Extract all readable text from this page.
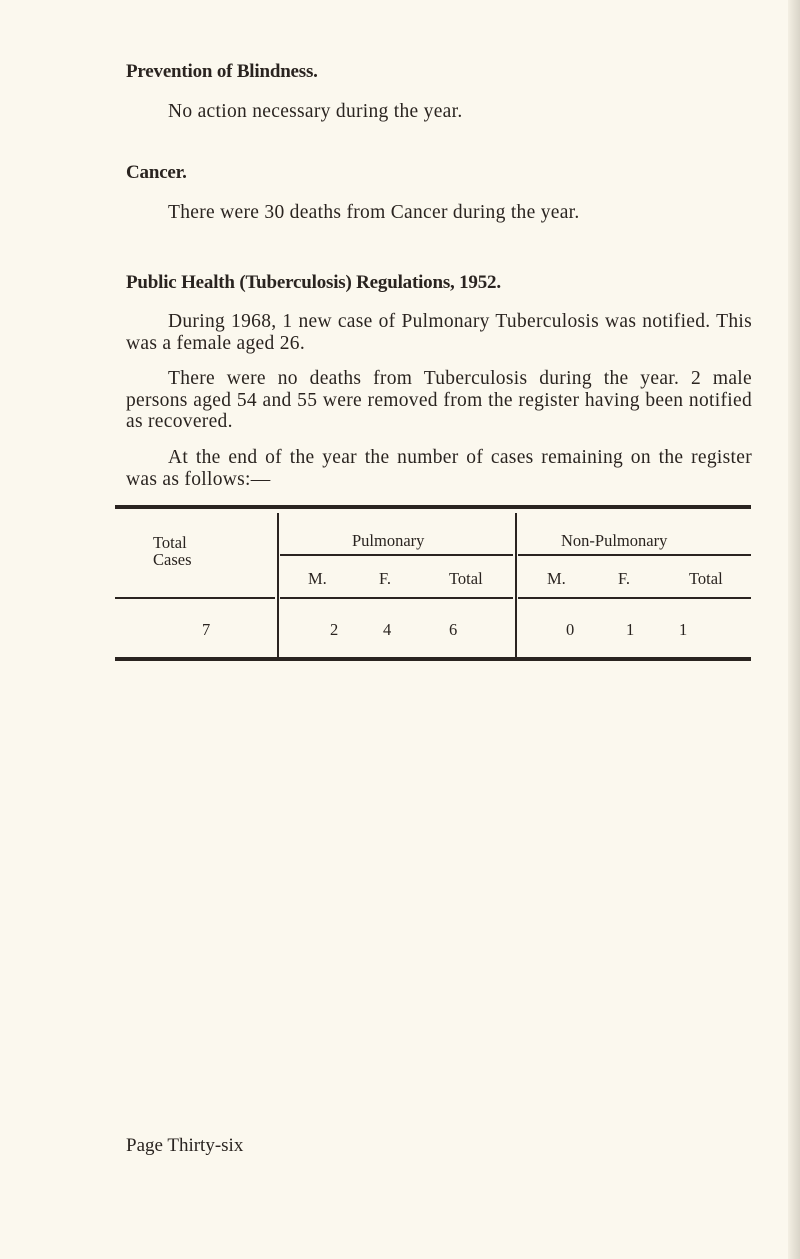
Prevention of Blindness.
No action necessary during the year.
Cancer.
There were 30 deaths from Cancer during the year.
Public Health (Tuberculosis) Regulations, 1952.
During 1968, 1 new case of Pulmonary Tuberculosis was notified. This was a female aged 26.
There were no deaths from Tuberculosis during the year. 2 male persons aged 54 and 55 were removed from the register having been notified as recovered.
At the end of the year the number of cases remaining on the register was as follows:—
Total
Cases
Pulmonary	Non-Pulmonary
M.	F.	Total	M.	F.	Total
7	2	4	6	0	1	1
Page Thirty-six
